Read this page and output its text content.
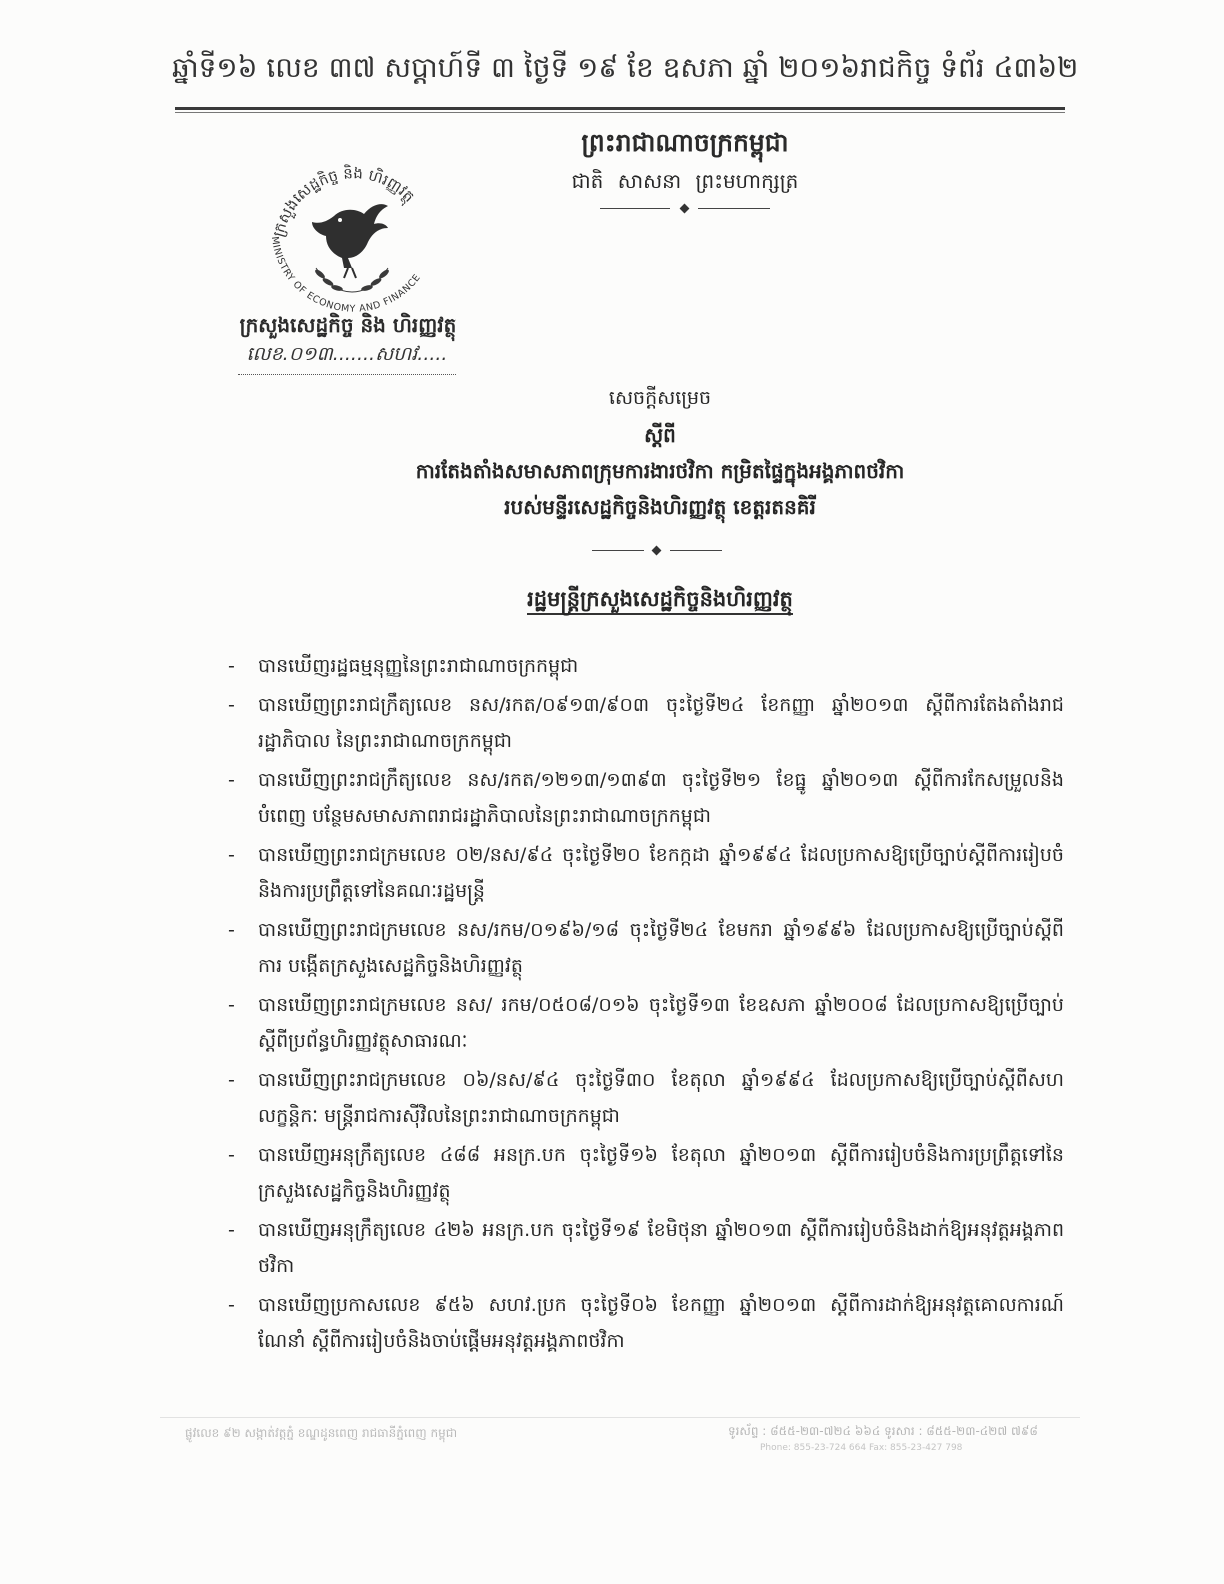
ឆ្នាំទី១៦ លេខ ៣៧ សប្តាហ៍ទី ៣ ថ្ងៃទី ១៩ ខែ ឧសភា ឆ្នាំ ២០១៦ រាជកិច្ច ទំព័រ ៤៣៦២
ព្រះរាជាណាចក្រកម្ពុជា
ជាតិ សាសនា ព្រះមហាក្សត្រ
ក្រសួងសេដ្ឋកិច្ច និង ហិរញ្ញវត្ថុ
MINISTRY OF ECONOMY AND FINANCE
ក្រសួងសេដ្ឋកិច្ច និង ហិរញ្ញវត្ថុ
លេខ.០១៣.......សហវ.....
សេចក្តីសម្រេច
ស្តីពី
ការតែងតាំងសមាសភាពក្រុមការងារថវិកា កម្រិតផ្ទៃក្នុងអង្គភាពថវិកា
របស់មន្ទីរសេដ្ឋកិច្ចនិងហិរញ្ញវត្ថុ ខេត្តរតនគិរី
រដ្ឋមន្ត្រីក្រសួងសេដ្ឋកិច្ចនិងហិរញ្ញវត្ថុ
-	បានឃើញរដ្ឋធម្មនុញ្ញនៃព្រះរាជាណាចក្រកម្ពុជា
-	បានឃើញព្រះរាជក្រឹត្យលេខ នស/រកត/០៩១៣/៩០៣ ចុះថ្ងៃទី២៤ ខែកញ្ញា ឆ្នាំ២០១៣ ស្តីពីការតែងតាំងរាជរដ្ឋាភិបាល នៃព្រះរាជាណាចក្រកម្ពុជា
-	បានឃើញព្រះរាជក្រឹត្យលេខ នស/រកត/១២១៣/១៣៩៣ ចុះថ្ងៃទី២១ ខែធ្នូ ឆ្នាំ២០១៣ ស្តីពីការកែសម្រួលនិងបំពេញ បន្ថែមសមាសភាពរាជរដ្ឋាភិបាលនៃព្រះរាជាណាចក្រកម្ពុជា
-	បានឃើញព្រះរាជក្រមលេខ ០២/នស/៩៤ ចុះថ្ងៃទី២០ ខែកក្កដា ឆ្នាំ១៩៩៤ ដែលប្រកាសឱ្យប្រើច្បាប់ស្តីពីការរៀបចំ និងការប្រព្រឹត្តទៅនៃគណៈរដ្ឋមន្ត្រី
-	បានឃើញព្រះរាជក្រមលេខ នស/រកម/០១៩៦/១៨ ចុះថ្ងៃទី២៤ ខែមករា ឆ្នាំ១៩៩៦ ដែលប្រកាសឱ្យប្រើច្បាប់ស្តីពីការ បង្កើតក្រសួងសេដ្ឋកិច្ចនិងហិរញ្ញវត្ថុ
-	បានឃើញព្រះរាជក្រមលេខ នស/ រកម/០៥០៨/០១៦ ចុះថ្ងៃទី១៣ ខែឧសភា ឆ្នាំ២០០៨ ដែលប្រកាសឱ្យប្រើច្បាប់ ស្តីពីប្រព័ន្ធហិរញ្ញវត្ថុសាធារណៈ
-	បានឃើញព្រះរាជក្រមលេខ ០៦/នស/៩៤ ចុះថ្ងៃទី៣០ ខែតុលា ឆ្នាំ១៩៩៤ ដែលប្រកាសឱ្យប្រើច្បាប់ស្តីពីសហលក្ខន្តិកៈ មន្ត្រីរាជការស៊ីវិលនៃព្រះរាជាណាចក្រកម្ពុជា
-	បានឃើញអនុក្រឹត្យលេខ ៤៨៨ អនក្រ.បក ចុះថ្ងៃទី១៦ ខែតុលា ឆ្នាំ២០១៣ ស្តីពីការរៀបចំនិងការប្រព្រឹត្តទៅនៃ ក្រសួងសេដ្ឋកិច្ចនិងហិរញ្ញវត្ថុ
-	បានឃើញអនុក្រឹត្យលេខ ៤២៦ អនក្រ.បក ចុះថ្ងៃទី១៩ ខែមិថុនា ឆ្នាំ២០១៣ ស្តីពីការរៀបចំនិងដាក់ឱ្យអនុវត្តអង្គភាព ថវិកា
-	បានឃើញប្រកាសលេខ ៩៥៦ សហវ.ប្រក ចុះថ្ងៃទី០៦ ខែកញ្ញា ឆ្នាំ២០១៣ ស្តីពីការដាក់ឱ្យអនុវត្តគោលការណ៍ណែនាំ ស្តីពីការរៀបចំនិងចាប់ផ្តើមអនុវត្តអង្គភាពថវិកា
ផ្លូវលេខ ៩២ សង្កាត់វត្តភ្នំ ខណ្ឌដូនពេញ រាជធានីភ្នំពេញ កម្ពុជា	ទូរស័ព្ទ : ៨៥៥-២៣-៧២៤ ៦៦៤ ទូរសារ : ៨៥៥-២៣-៤២៧ ៧៩៨
Phone: 855-23-724 664 Fax: 855-23-427 798
